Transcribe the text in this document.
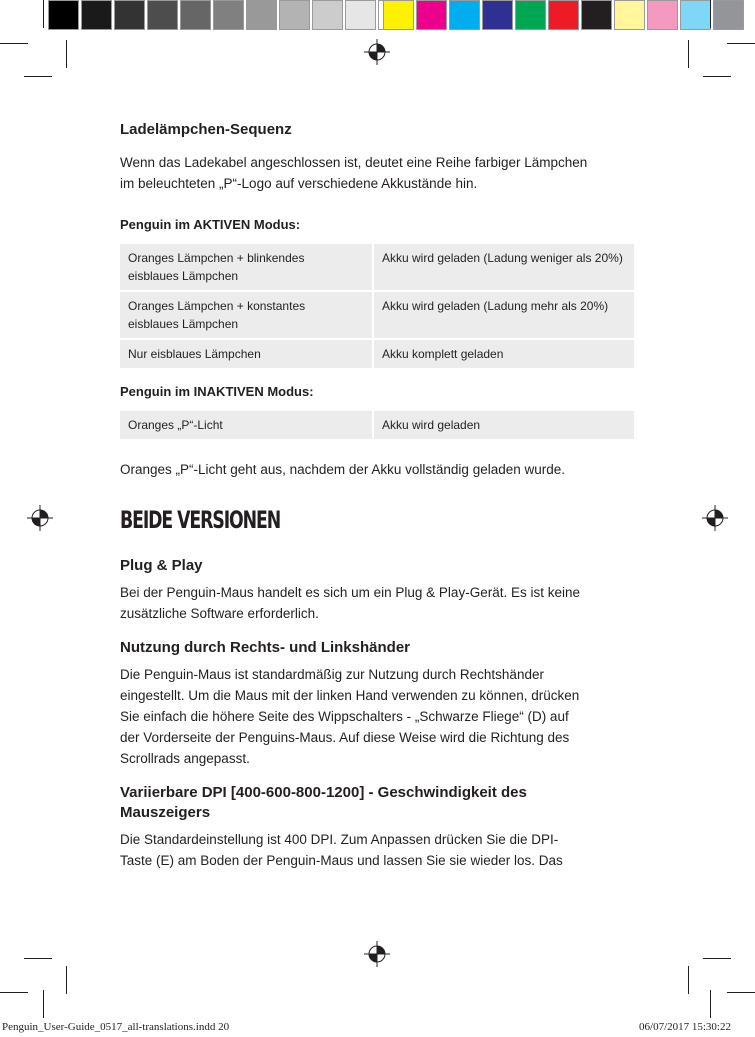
Ladelämpchen-Sequenz

Wenn das Ladekabel angeschlossen ist, deutet eine Reihe farbiger Lämpchen

im beleuchteten „P“-Logo auf verschiedene Akkustände hin.

Penguin im AKTIVEN Modus:
Oranges Lämpchen + blinkendes
eisblaues Lämpchen	Akku wird geladen (Ladung weniger als 20%)
Oranges Lämpchen + konstantes
eisblaues Lämpchen	Akku wird geladen (Ladung mehr als 20%)
Nur eisblaues Lämpchen	Akku komplett geladen
Penguin im INAKTIVEN Modus:
Oranges „P“-Licht	Akku wird geladen

Oranges „P“-Licht geht aus, nachdem der Akku vollständig geladen wurde.

BEIDE VERSIONEN
Plug & Play

Bei der Penguin-Maus handelt es sich um ein Plug & Play-Gerät. Es ist keine

zusätzliche Software erforderlich.

Nutzung durch Rechts- und Linkshänder

Die Penguin-Maus ist standardmäßig zur Nutzung durch Rechtshänder

eingestellt. Um die Maus mit der linken Hand verwenden zu können, drücken

Sie einfach die höhere Seite des Wippschalters - „Schwarze Fliege“ (D) auf

der Vorderseite der Penguins-Maus. Auf diese Weise wird die Richtung des

Scrollrads angepasst.

Variierbare DPI [400-600-800-1200] - Geschwindigkeit des
Mauszeigers

Die Standardeinstellung ist 400 DPI. Zum Anpassen drücken Sie die DPI-

Taste (E) am Boden der Penguin-Maus und lassen Sie sie wieder los. Das

Penguin_User-Guide_0517_all-translations.indd 20	06/07/2017 15:30:22
